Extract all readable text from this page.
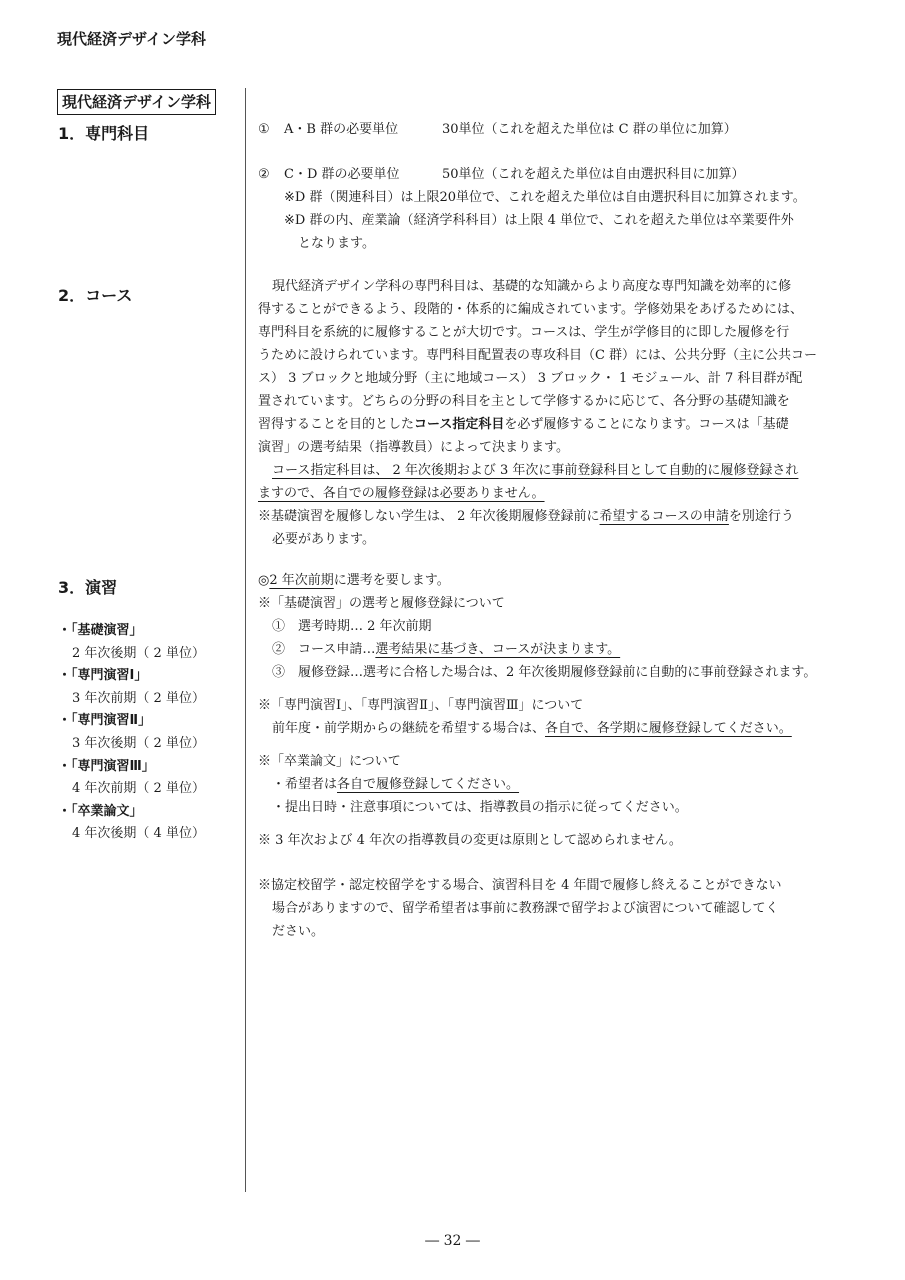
現代経済デザイン学科
現代経済デザイン学科
1．専門科目	① A・B 群の必要単位	30単位（これを超えた単位は C 群の単位に加算）
② C・D 群の必要単位	50単位（これを超えた単位は自由選択科目に加算）
※D 群（関連科目）は上限20単位で、これを超えた単位は自由選択科目に加算されます。
※D 群の内、産業論（経済学科科目）は上限 4 単位で、これを超えた単位は卒業要件外
となります。
2．コース	現代経済デザイン学科の専門科目は、基礎的な知識からより高度な専門知識を効率的に修
得することができるよう、段階的・体系的に編成されています。学修効果をあげるためには、
専門科目を系統的に履修することが大切です。コースは、学生が学修目的に即した履修を行
うために設けられています。専門科目配置表の専攻科目（C 群）には、公共分野（主に公共コー
ス） 3 ブロックと地域分野（主に地域コース） 3 ブロック・ 1 モジュール、計 7 科目群が配
置されています。どちらの分野の科目を主として学修するかに応じて、各分野の基礎知識を
習得することを目的としたコース指定科目を必ず履修することになります。コースは「基礎
演習」の選考結果（指導教員）によって決まります。
コース指定科目は、 2 年次後期および 3 年次に事前登録科目として自動的に履修登録され
ますので、各自での履修登録は必要ありません。
※基礎演習を履修しない学生は、 2 年次後期履修登録前に希望するコースの申請を別途行う
必要があります。
3．演習
・「基礎演習」
2 年次後期（ 2 単位）
・「専門演習Ⅰ」
3 年次前期（ 2 単位）
・「専門演習Ⅱ」
3 年次後期（ 2 単位）
・「専門演習Ⅲ」
4 年次前期（ 2 単位）
・「卒業論文」
4 年次後期（ 4 単位）
◎2 年次前期に選考を要します。
※「基礎演習」の選考と履修登録について
①　選考時期… 2 年次前期
②　コース申請…選考結果に基づき、コースが決まります。
③　履修登録…選考に合格した場合は、2 年次後期履修登録前に自動的に事前登録されます。
※「専門演習Ⅰ」、「専門演習Ⅱ」、「専門演習Ⅲ」について
前年度・前学期からの継続を希望する場合は、各自で、各学期に履修登録してください。
※「卒業論文」について
・希望者は各自で履修登録してください。
・提出日時・注意事項については、指導教員の指示に従ってください。
※ 3 年次および 4 年次の指導教員の変更は原則として認められません。
※協定校留学・認定校留学をする場合、演習科目を 4 年間で履修し終えることができない
場合がありますので、留学希望者は事前に教務課で留学および演習について確認してく
ださい。
― 32 ―
